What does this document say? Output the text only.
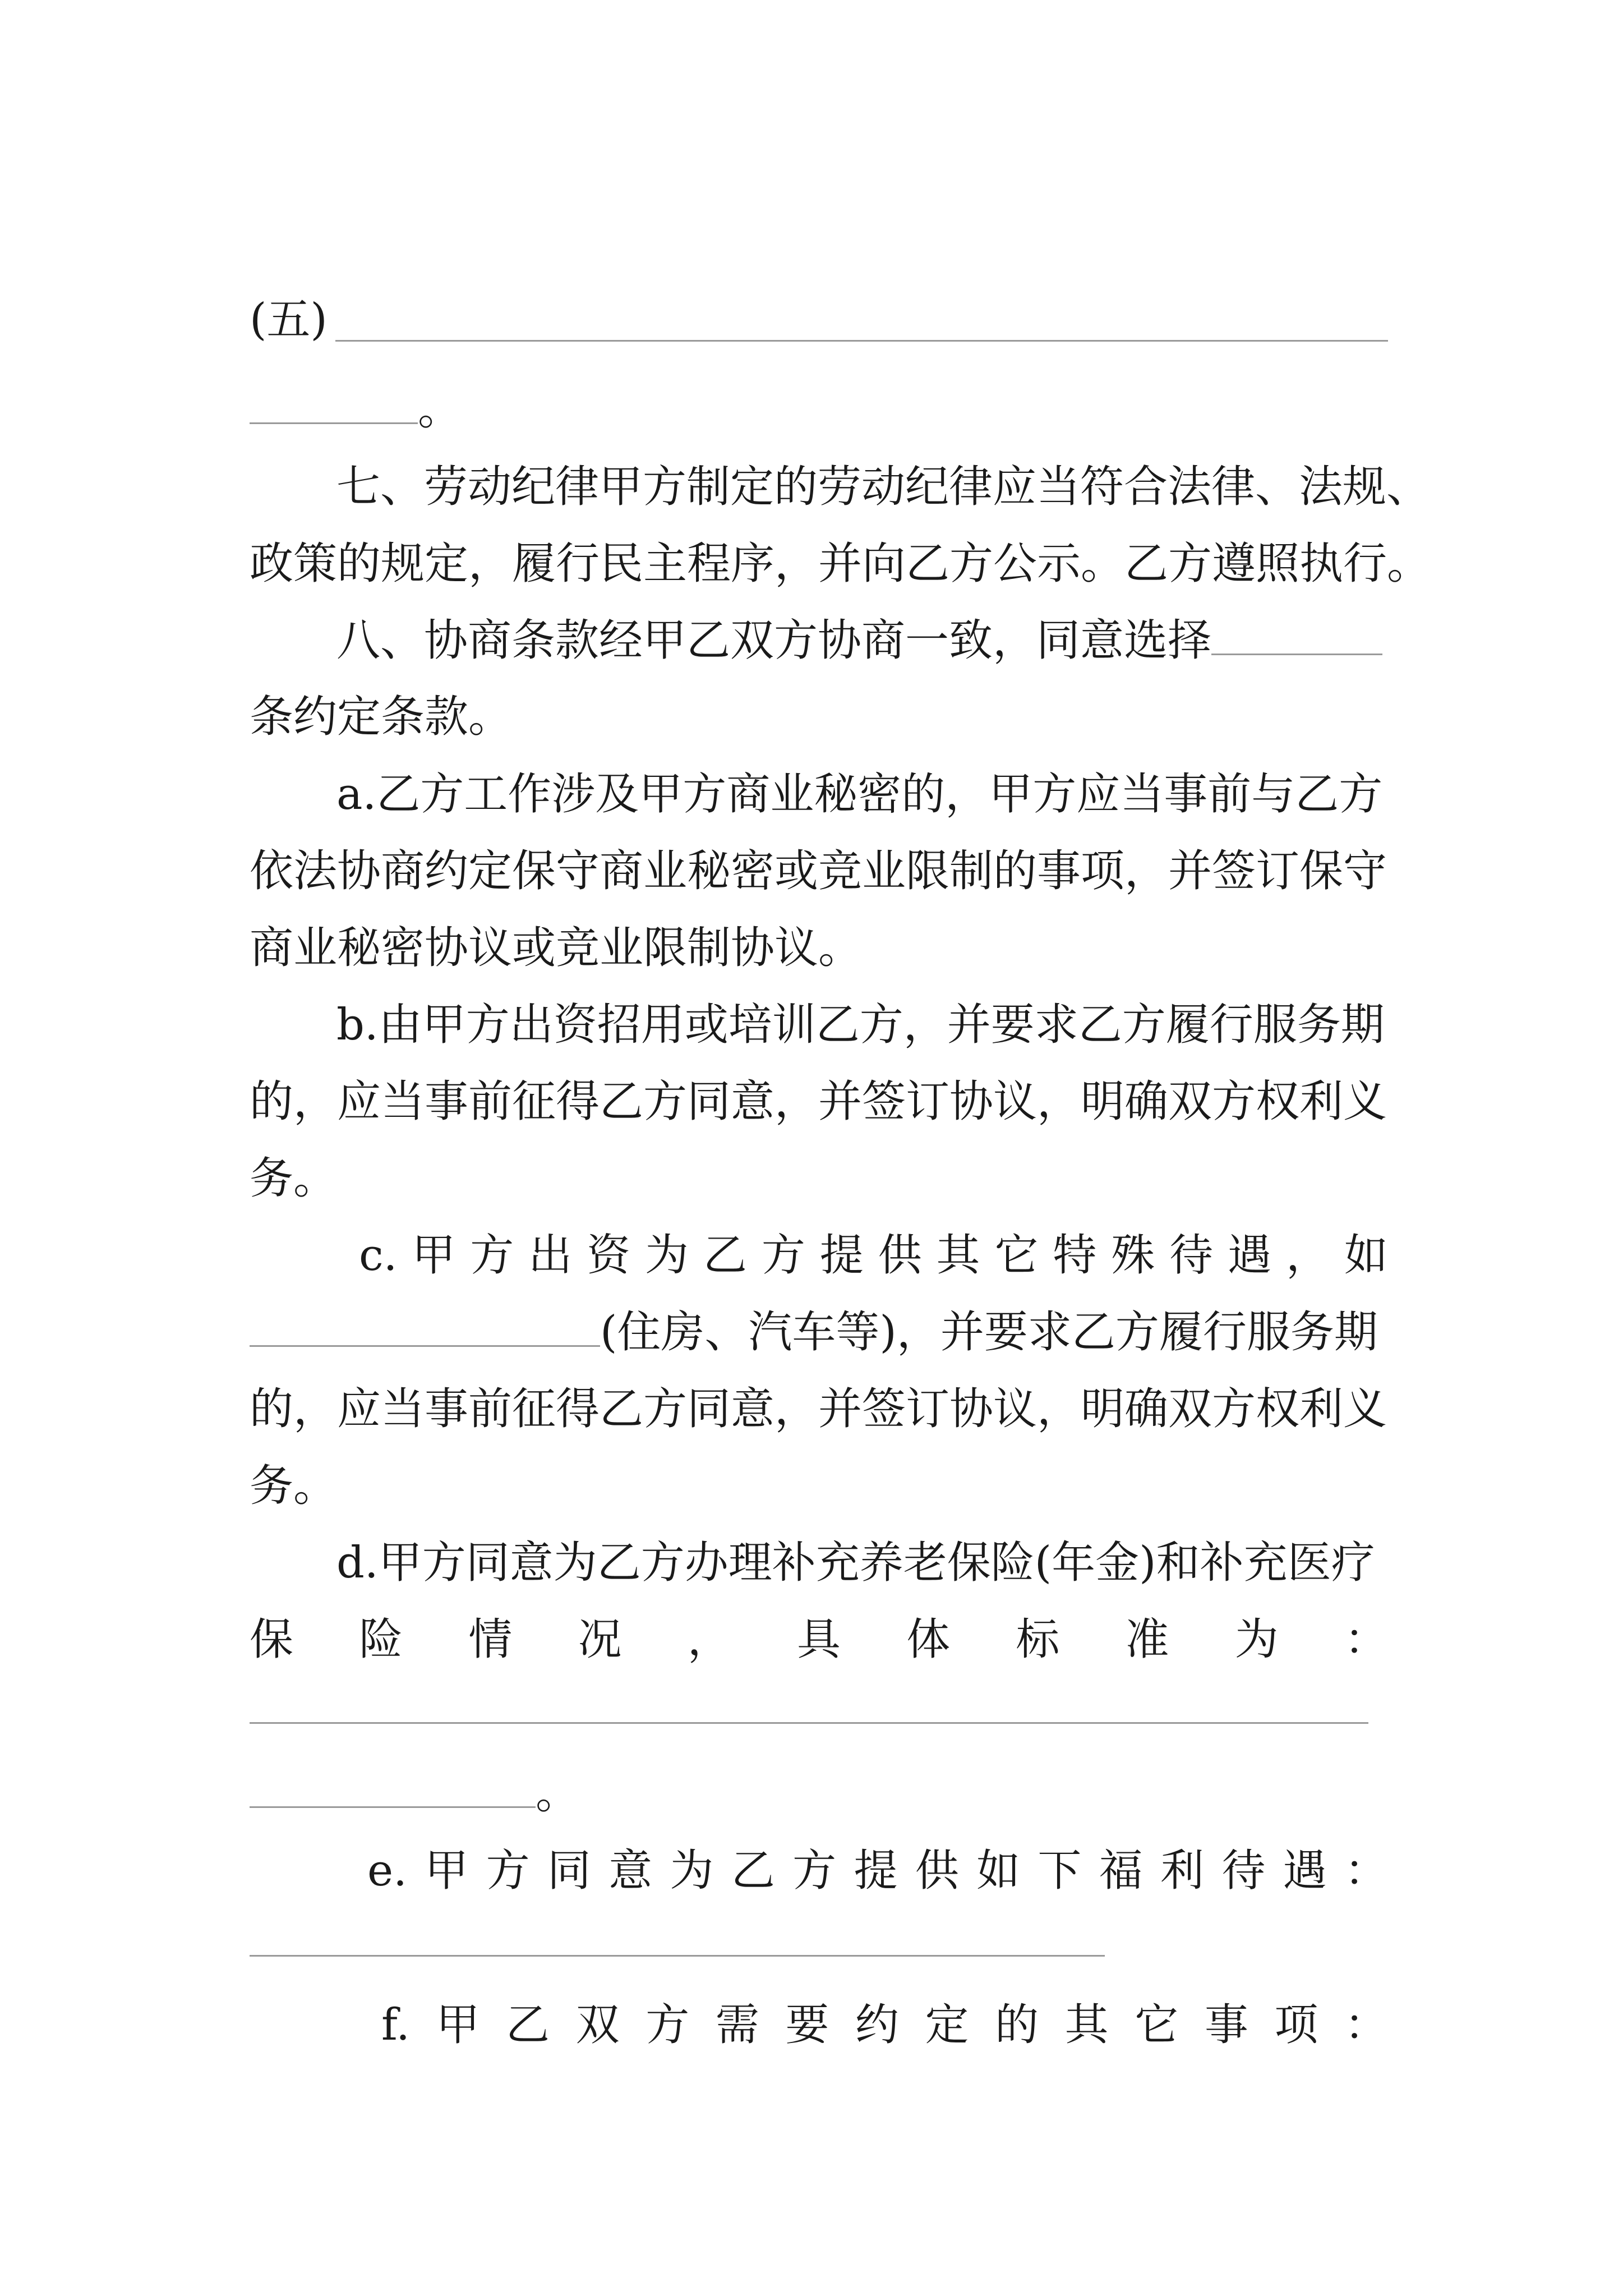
(五)
。
七、劳动纪律甲方制定的劳动纪律应当符合法律、法规、
政策的规定，履行民主程序，并向乙方公示。乙方遵照执行。
八、协商条款经甲乙双方协商一致，同意选择
条约定条款。
a.乙方工作涉及甲方商业秘密的，甲方应当事前与乙方
依法协商约定保守商业秘密或竞业限制的事项，并签订保守
商业秘密协议或竞业限制协议。
b.由甲方出资招用或培训乙方，并要求乙方履行服务期
的，应当事前征得乙方同意，并签订协议，明确双方权利义
务。
c. 甲 方 出 资 为 乙 方 提 供 其 它 特 殊 待 遇 ， 如
(住房、汽车等)，并要求乙方履行服务期
的，应当事前征得乙方同意，并签订协议，明确双方权利义
务。
d.甲方同意为乙方办理补充养老保险(年金)和补充医疗
保 险 情 况 ， 具 体 标 准 为 ：
。
e. 甲 方 同 意 为 乙 方 提 供 如 下 福 利 待 遇 ：
f. 甲 乙 双 方 需 要 约 定 的 其 它 事 项 ：
